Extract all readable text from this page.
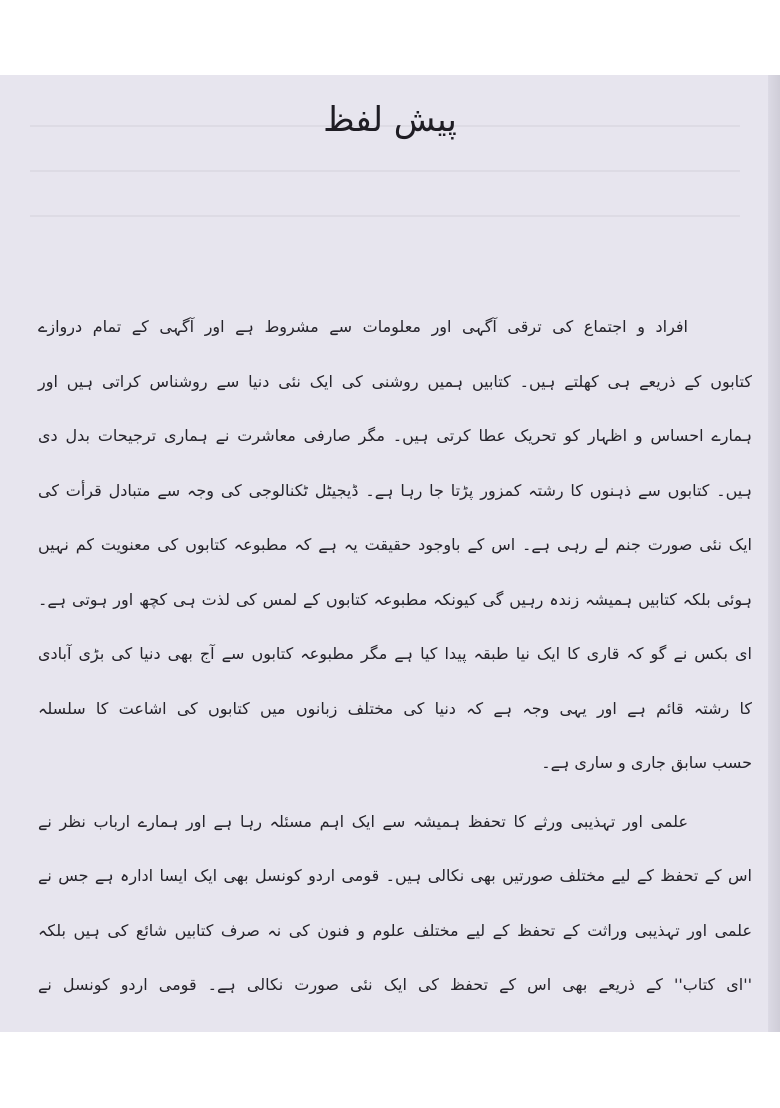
پیش لفظ
افراد و اجتماع کی ترقی آگہی اور معلومات سے مشروط ہے اور آگہی کے تمام دروازے
کتابوں کے ذریعے ہی کھلتے ہیں۔ کتابیں ہمیں روشنی کی ایک نئی دنیا سے روشناس کراتی ہیں اور
ہمارے احساس و اظہار کو تحریک عطا کرتی ہیں۔ مگر صارفی معاشرت نے ہماری ترجیحات بدل دی
ہیں۔ کتابوں سے ذہنوں کا رشتہ کمزور پڑتا جا رہا ہے۔ ڈیجیٹل ٹکنالوجی کی وجہ سے متبادل قرأت کی
ایک نئی صورت جنم لے رہی ہے۔ اس کے باوجود حقیقت یہ ہے کہ مطبوعہ کتابوں کی معنویت کم نہیں
ہوئی بلکہ کتابیں ہمیشہ زندہ رہیں گی کیونکہ مطبوعہ کتابوں کے لمس کی لذت ہی کچھ اور ہوتی ہے۔
ای بکس نے گو کہ قاری کا ایک نیا طبقہ پیدا کیا ہے مگر مطبوعہ کتابوں سے آج بھی دنیا کی بڑی آبادی
کا رشتہ قائم ہے اور یہی وجہ ہے کہ دنیا کی مختلف زبانوں میں کتابوں کی اشاعت کا سلسلہ
حسب سابق جاری و ساری ہے۔
علمی اور تہذیبی ورثے کا تحفظ ہمیشہ سے ایک اہم مسئلہ رہا ہے اور ہمارے ارباب نظر نے
اس کے تحفظ کے لیے مختلف صورتیں بھی نکالی ہیں۔ قومی اردو کونسل بھی ایک ایسا ادارہ ہے جس نے
علمی اور تہذیبی وراثت کے تحفظ کے لیے مختلف علوم و فنون کی نہ صرف کتابیں شائع کی ہیں بلکہ
''ای کتاب'' کے ذریعے بھی اس کے تحفظ کی ایک نئی صورت نکالی ہے۔ قومی اردو کونسل نے
